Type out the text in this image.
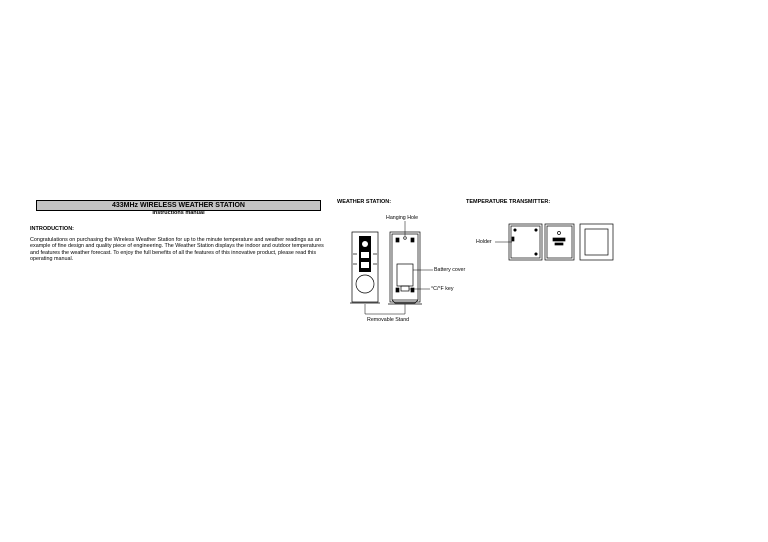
433MHz WIRELESS WEATHER STATION
Instructions manual
INTRODUCTION:
Congratulations on purchasing the Wireless Weather Station for up to the minute temperature and weather readings as an example of fine design and quality piece of engineering. The Weather Station displays the indoor and outdoor temperatures and features the weather forecast. To enjoy the full benefits of all the features of this innovative product, please read this operating manual.
WEATHER STATION:	TEMPERATURE TRANSMITTER:
Hanging Hole
Battery cover
°C/°F key
Removable Stand
Holder
